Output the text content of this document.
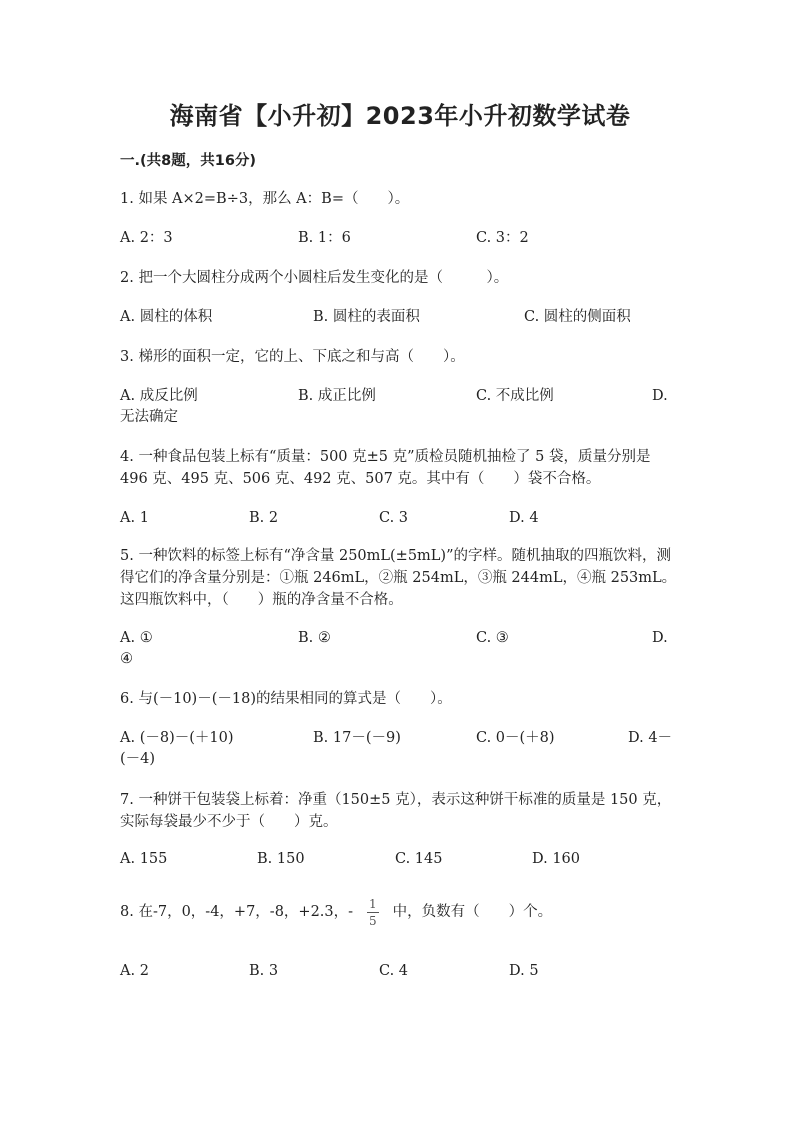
海南省【小升初】2023年小升初数学试卷
一.(共8题，共16分)
1. 如果 A×2=B÷3，那么 A：B=（　　）。
A. 2：3	B. 1：6	C. 3：2
2. 把一个大圆柱分成两个小圆柱后发生变化的是（　　　）。
A. 圆柱的体积	B. 圆柱的表面积	C. 圆柱的侧面积
3. 梯形的面积一定，它的上、下底之和与高（　　）。
A. 成反比例	B. 成正比例	C. 不成比例	D. 无法确定
4. 一种食品包装上标有“质量：500 克±5 克”质检员随机抽检了 5 袋，质量分别是 496 克、495 克、506 克、492 克、507 克。其中有（　　）袋不合格。
A. 1	B. 2	C. 3	D. 4
5. 一种饮料的标签上标有“净含量 250mL(±5mL)”的字样。随机抽取的四瓶饮料，测得它们的净含量分别是：①瓶 246mL，②瓶 254mL，③瓶 244mL，④瓶 253mL。这四瓶饮料中，（　　）瓶的净含量不合格。
A. ①	B. ②	C. ③	D. ④
6. 与(－10)－(－18)的结果相同的算式是（　　）。
A. (－8)－(＋10)	B. 17－(－9)	C. 0－(＋8)	D. 4－(－4)
7. 一种饼干包装袋上标着：净重（150±5 克），表示这种饼干标准的质量是 150 克，实际每袋最少不少于（　　）克。
A. 155	B. 150	C. 145	D. 160
8. 在-7，0，-4，+7，-8，+2.3，- $\frac{1}{5}$ 中，负数有（　　）个。
A. 2	B. 3	C. 4	D. 5
